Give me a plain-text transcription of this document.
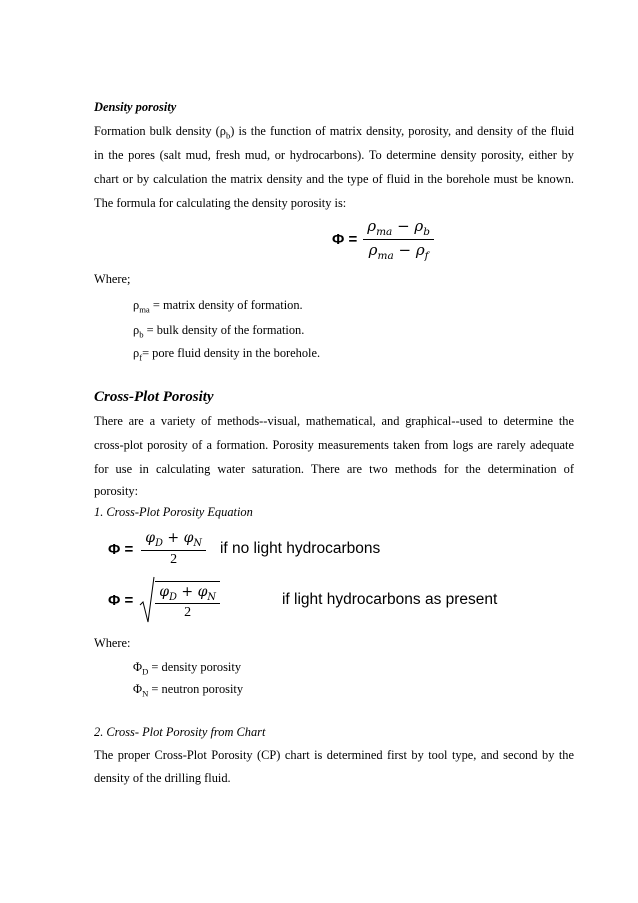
Density porosity
Formation bulk density $(\rho_b)$ is the function of matrix density, porosity, and density of the fluid
in the pores (salt mud, fresh mud, or hydrocarbons). To determine density porosity, either by
chart or by calculation the matrix density and the type of fluid in the borehole must be known.
The formula for calculating the density porosity is:
$\Phi = \frac{\rho_{ma} - \rho_b}{\rho_{ma} - \rho_f}$
Where;
$\rho_{ma}$ = matrix density of formation.
$\rho_b$ = bulk density of the formation.
$\rho_f=$ pore fluid density in the borehole.
Cross-Plot Porosity
There are a variety of methods--visual, mathematical, and graphical--used to determine the
cross-plot porosity of a formation. Porosity measurements taken from logs are rarely adequate
for use in calculating water saturation. There are two methods for the determination of
porosity:
1. Cross-Plot Porosity Equation
$\Phi = \frac{\varphi_D + \varphi_N}{2}$ if no light hydrocarbons
$\Phi = \frac{\varphi_D + \varphi_N}{2}$	if light hydrocarbons as present
Where:
$\Phi_D$ = density porosity
$\Phi_N$ = neutron porosity
2. Cross- Plot Porosity from Chart
The proper Cross-Plot Porosity (CP) chart is determined first by tool type, and second by the
density of the drilling fluid.
